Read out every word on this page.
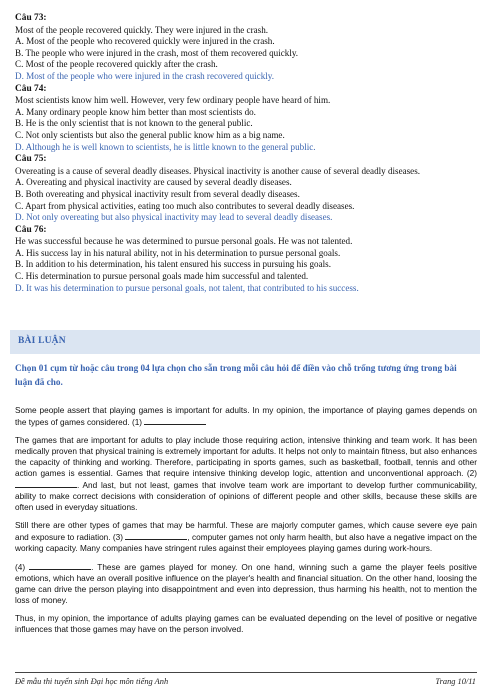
Câu 73:
Most of the people recovered quickly. They were injured in the crash.
A. Most of the people who recovered quickly were injured in the crash.
B. The people who were injured in the crash, most of them recovered quickly.
C. Most of the people recovered quickly after the crash.
D. Most of the people who were injured in the crash recovered quickly.
Câu 74:
Most scientists know him well. However, very few ordinary people have heard of him.
A. Many ordinary people know him better than most scientists do.
B. He is the only scientist that is not known to the general public.
C. Not only scientists but also the general public know him as a big name.
D. Although he is well known to scientists, he is little known to the general public.
Câu 75:
Overeating is a cause of several deadly diseases. Physical inactivity is another cause of several deadly diseases.
A. Overeating and physical inactivity are caused by several deadly diseases.
B. Both overeating and physical inactivity result from several deadly diseases.
C. Apart from physical activities, eating too much also contributes to several deadly diseases.
D. Not only overeating but also physical inactivity may lead to several deadly diseases.
Câu 76:
He was successful because he was determined to pursue personal goals. He was not talented.
A. His success lay in his natural ability, not in his determination to pursue personal goals.
B. In addition to his determination, his talent ensured his success in pursuing his goals.
C. His determination to pursue personal goals made him successful and talented.
D. It was his determination to pursue personal goals, not talent, that contributed to his success.
BÀI LUẬN
Chọn 01 cụm từ hoặc câu trong 04 lựa chọn cho sẵn trong mỗi câu hỏi để điền vào chỗ trống tương ứng trong bài luận đã cho.

Some people assert that playing games is important for adults. In my opinion, the importance of playing games depends on the types of games considered. (1)

The games that are important for adults to play include those requiring action, intensive thinking and team work. It has been medically proven that physical training is extremely important for adults. It helps not only to maintain fitness, but also enhances the capacity of thinking and working. Therefore, participating in sports games, such as basketball, football, tennis and other action games is essential. Games that require intensive thinking develop logic, attention and unconventional approach. (2) . And last, but not least, games that involve team work are important to develop further communicability, ability to make correct decisions with consideration of opinions of different people and other skills, because these skills are often used in everyday situations.

Still there are other types of games that may be harmful. These are majorly computer games, which cause severe eye pain and exposure to radiation. (3)	, computer games not only harm health, but also have a negative impact on the working capacity. Many companies have stringent rules against their employees playing games during work-hours.

(4)	. These are games played for money. On one hand, winning such a game the player feels positive emotions, which have an overall positive influence on the player's health and financial situation. On the other hand, loosing the game can drive the person playing into disappointment and even into depression, thus harming his health, not to mention the loss of money.

Thus, in my opinion, the importance of adults playing games can be evaluated depending on the level of positive or negative influences that those games may have on the person involved.

Đề mẫu thi tuyển sinh Đại học môn tiếng Anh	Trang 10/11
